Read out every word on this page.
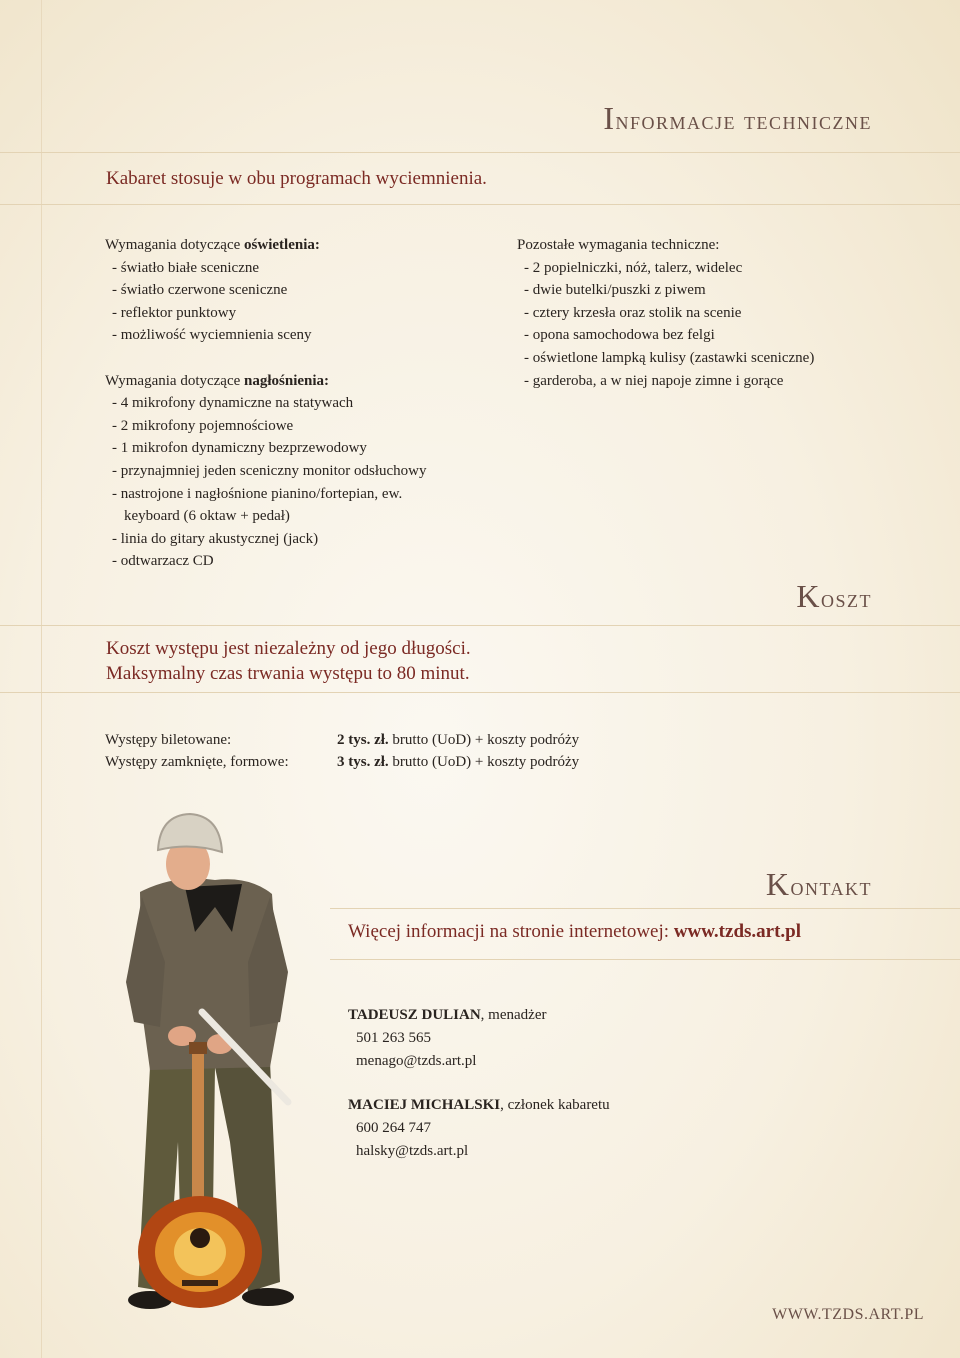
Informacje techniczne
Kabaret stosuje w obu programach wyciemnienia.
Wymagania dotyczące oświetlenia:
- światło białe sceniczne
- światło czerwone sceniczne
- reflektor punktowy
- możliwość wyciemnienia sceny
Wymagania dotyczące nagłośnienia:
- 4 mikrofony dynamiczne na statywach
- 2 mikrofony pojemnościowe
- 1 mikrofon dynamiczny bezprzewodowy
- przynajmniej jeden sceniczny monitor odsłuchowy
- nastrojone i nagłośnione pianino/fortepian, ew.
keyboard (6 oktaw + pedał)
- linia do gitary akustycznej (jack)
- odtwarzacz CD
Pozostałe wymagania techniczne:
- 2 popielniczki, nóż, talerz, widelec
- dwie butelki/puszki z piwem
- cztery krzesła oraz stolik na scenie
- opona samochodowa bez felgi
- oświetlone lampką kulisy (zastawki sceniczne)
- garderoba, a w niej napoje zimne i gorące
Koszt
Koszt występu jest niezależny od jego długości.
Maksymalny czas trwania występu to 80 minut.
Występy biletowane:	2 tys. zł. brutto (UoD) + koszty podróży
Występy zamknięte, formowe:	3 tys. zł. brutto (UoD) + koszty podróży
Kontakt
Więcej informacji na stronie internetowej: www.tzds.art.pl
TADEUSZ DULIAN, menadżer
501 263 565
menago@tzds.art.pl
MACIEJ MICHALSKI, członek kabaretu
600 264 747
halsky@tzds.art.pl
WWW.TZDS.ART.PL
